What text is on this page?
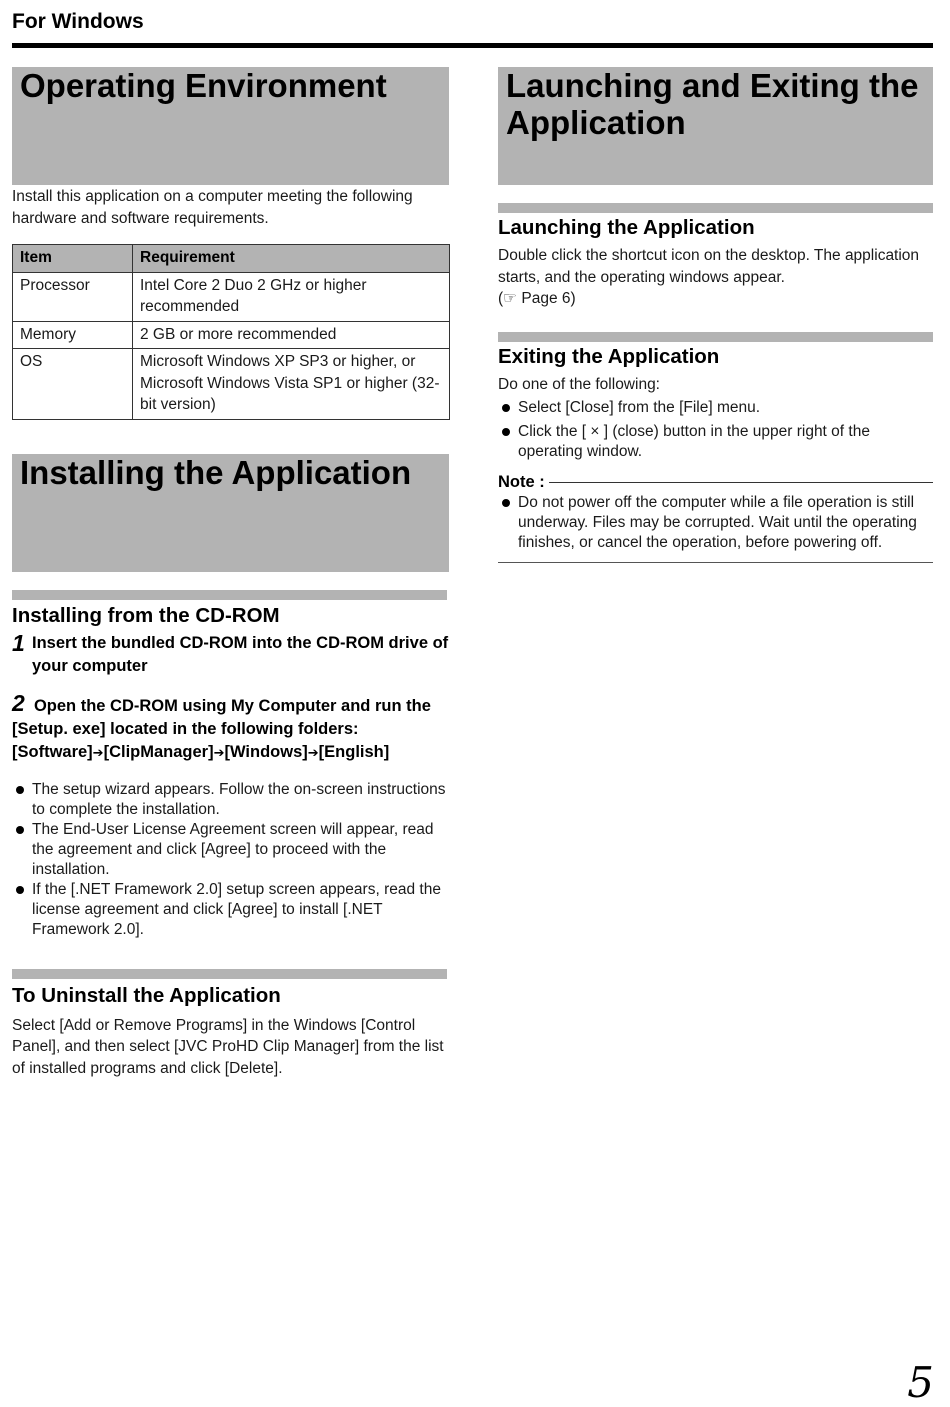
For Windows
Operating Environment
Install this application on a computer meeting the following hardware and software requirements.
Item	Requirement
Processor	Intel Core 2 Duo 2 GHz or higher recommended
Memory	2 GB or more recommended
OS	Microsoft Windows XP SP3 or higher, or Microsoft Windows Vista SP1 or higher (32-bit version)
Installing the Application
Installing from the CD-ROM
1 Insert the bundled CD-ROM into the CD-ROM drive of your computer
2 Open the CD-ROM using My Computer and run the [Setup. exe] located in the following folders:
[Software]➔[ClipManager]➔[Windows]➔[English]
The setup wizard appears. Follow the on-screen instructions to complete the installation.
The End-User License Agreement screen will appear, read the agreement and click [Agree] to proceed with the installation.
If the [.NET Framework 2.0] setup screen appears, read the license agreement and click [Agree] to install [.NET Framework 2.0].
To Uninstall the Application
Select [Add or Remove Programs] in the Windows [Control Panel], and then select [JVC ProHD Clip Manager] from the list of installed programs and click [Delete].
Launching and Exiting the Application
Launching the Application
Double click the shortcut icon on the desktop. The application starts, and the operating windows appear.
(☞ Page 6)
Exiting the Application
Do one of the following:
Select [Close] from the [File] menu.
Click the [ × ] (close) button in the upper right of the operating window.
Note :
Do not power off the computer while a file operation is still underway. Files may be corrupted. Wait until the operating finishes, or cancel the operation, before powering off.
5
